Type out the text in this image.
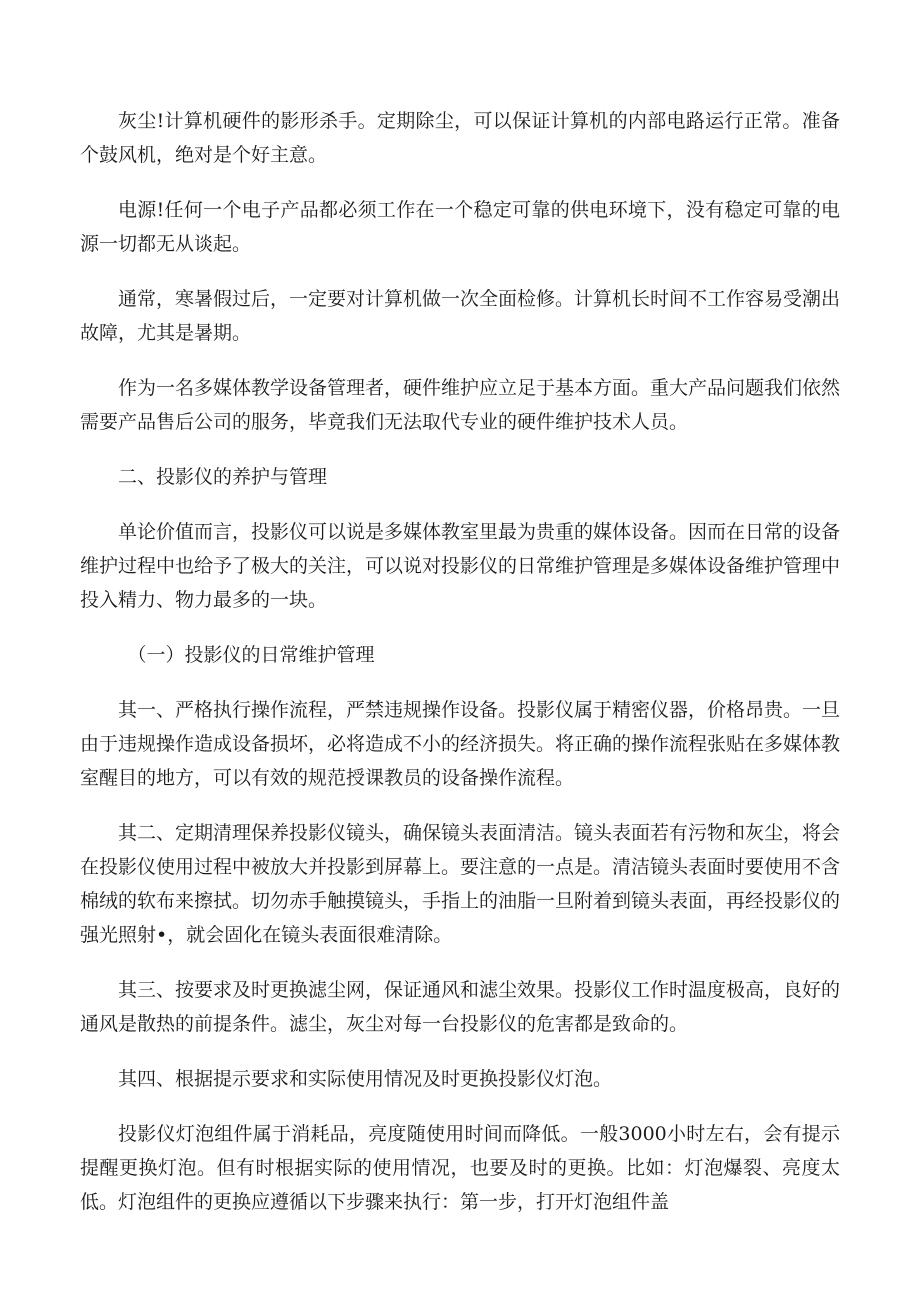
灰尘!计算机硬件的影形杀手。定期除尘，可以保证计算机的内部电路运行正常。准备个鼓风机，绝对是个好主意。

电源!任何一个电子产品都必须工作在一个稳定可靠的供电环境下，没有稳定可靠的电源一切都无从谈起。

通常，寒暑假过后，一定要对计算机做一次全面检修。计算机长时间不工作容易受潮出故障，尤其是暑期。

作为一名多媒体教学设备管理者，硬件维护应立足于基本方面。重大产品问题我们依然需要产品售后公司的服务，毕竟我们无法取代专业的硬件维护技术人员。

二、投影仪的养护与管理

单论价值而言，投影仪可以说是多媒体教室里最为贵重的媒体设备。因而在日常的设备维护过程中也给予了极大的关注，可以说对投影仪的日常维护管理是多媒体设备维护管理中投入精力、物力最多的一块。

（一）投影仪的日常维护管理

其一、严格执行操作流程，严禁违规操作设备。投影仪属于精密仪器，价格昂贵。一旦由于违规操作造成设备损坏，必将造成不小的经济损失。将正确的操作流程张贴在多媒体教室醒目的地方，可以有效的规范授课教员的设备操作流程。

其二、定期清理保养投影仪镜头，确保镜头表面清洁。镜头表面若有污物和灰尘，将会在投影仪使用过程中被放大并投影到屏幕上。要注意的一点是。清洁镜头表面时要使用不含棉绒的软布来擦拭。切勿赤手触摸镜头，手指上的油脂一旦附着到镜头表面，再经投影仪的强光照射•，就会固化在镜头表面很难清除。

其三、按要求及时更换滤尘网，保证通风和滤尘效果。投影仪工作时温度极高，良好的通风是散热的前提条件。滤尘，灰尘对每一台投影仪的危害都是致命的。

其四、根据提示要求和实际使用情况及时更换投影仪灯泡。

投影仪灯泡组件属于消耗品，亮度随使用时间而降低。一般3000小时左右，会有提示提醒更换灯泡。但有时根据实际的使用情况，也要及时的更换。比如：灯泡爆裂、亮度太低。灯泡组件的更换应遵循以下步骤来执行：第一步，打开灯泡组件盖
